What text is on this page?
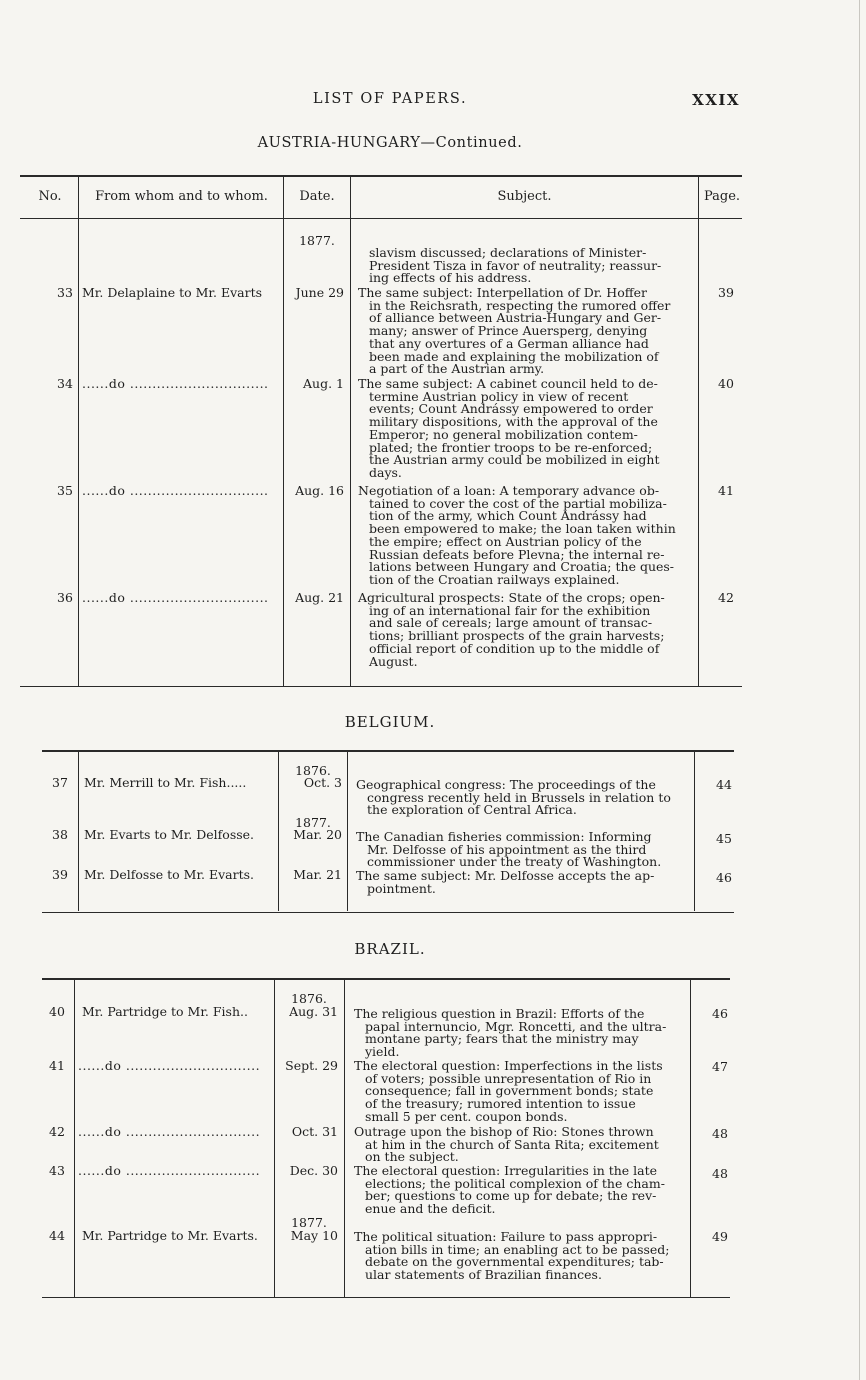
LIST OF PAPERS.	XXIX
AUSTRIA-HUNGARY—Continued.
No.	From whom and to whom.	Date.	Subject.	Page.
1877.
slavism discussed; declarations of Minister-
President Tisza in favor of neutrality; reassur-
ing effects of his address.
33 Mr. Delaplaine to Mr. Evarts	June 29 The same subject: Interpellation of Dr. Hoffer
in the Reichsrath, respecting the rumored offer
of alliance between Austria-Hungary and Ger-
many; answer of Prince Auersperg, denying
that any overtures of a German alliance had
been made and explaining the mobilization of
a part of the Austrian army.
39
34 ......do ...............................	Aug. 1 The same subject: A cabinet council held to de-
termine Austrian policy in view of recent
events; Count Andrássy empowered to order
military dispositions, with the approval of the
Emperor; no general mobilization contem-
plated; the frontier troops to be re-enforced;
the Austrian army could be mobilized in eight
days.
40
35 ......do ...............................	Aug. 16 Negotiation of a loan: A temporary advance ob-
tained to cover the cost of the partial mobiliza-
tion of the army, which Count Andrássy had
been empowered to make; the loan taken within
the empire; effect on Austrian policy of the
Russian defeats before Plevna; the internal re-
lations between Hungary and Croatia; the ques-
tion of the Croatian railways explained.
41
36 ......do ...............................	Aug. 21 Agricultural prospects: State of the crops; open-
ing of an international fair for the exhibition
and sale of cereals; large amount of transac-
tions; brilliant prospects of the grain harvests;
official report of condition up to the middle of
August.
42
BELGIUM.
1876.
37	Mr. Merrill to Mr. Fish.....	Oct. 3 Geographical congress: The proceedings of the
congress recently held in Brussels in relation to
the exploration of Central Africa.
44
1877.
38	Mr. Evarts to Mr. Delfosse.	Mar. 20 The Canadian fisheries commission: Informing
Mr. Delfosse of his appointment as the third
commissioner under the treaty of Washington.
45
39	Mr. Delfosse to Mr. Evarts.	Mar. 21 The same subject: Mr. Delfosse accepts the ap-
pointment.
46
BRAZIL.
1876.
40	Mr. Partridge to Mr. Fish..	Aug. 31 The religious question in Brazil: Efforts of the
papal internuncio, Mgr. Roncetti, and the ultra-
montane party; fears that the ministry may
yield.
46
41	......do ..............................	Sept. 29 The electoral question: Imperfections in the lists
of voters; possible unrepresentation of Rio in
consequence; fall in government bonds; state
of the treasury; rumored intention to issue
small 5 per cent. coupon bonds.
47
42	......do ..............................	Oct. 31 Outrage upon the bishop of Rio: Stones thrown
at him in the church of Santa Rita; excitement
on the subject.
48
43	......do ..............................	Dec. 30 The electoral question: Irregularities in the late
elections; the political complexion of the cham-
ber; questions to come up for debate; the rev-
enue and the deficit.
48
1877.
44	Mr. Partridge to Mr. Evarts.	May 10 The political situation: Failure to pass appropri-
ation bills in time; an enabling act to be passed;
debate on the governmental expenditures; tab-
ular statements of Brazilian finances.
49
